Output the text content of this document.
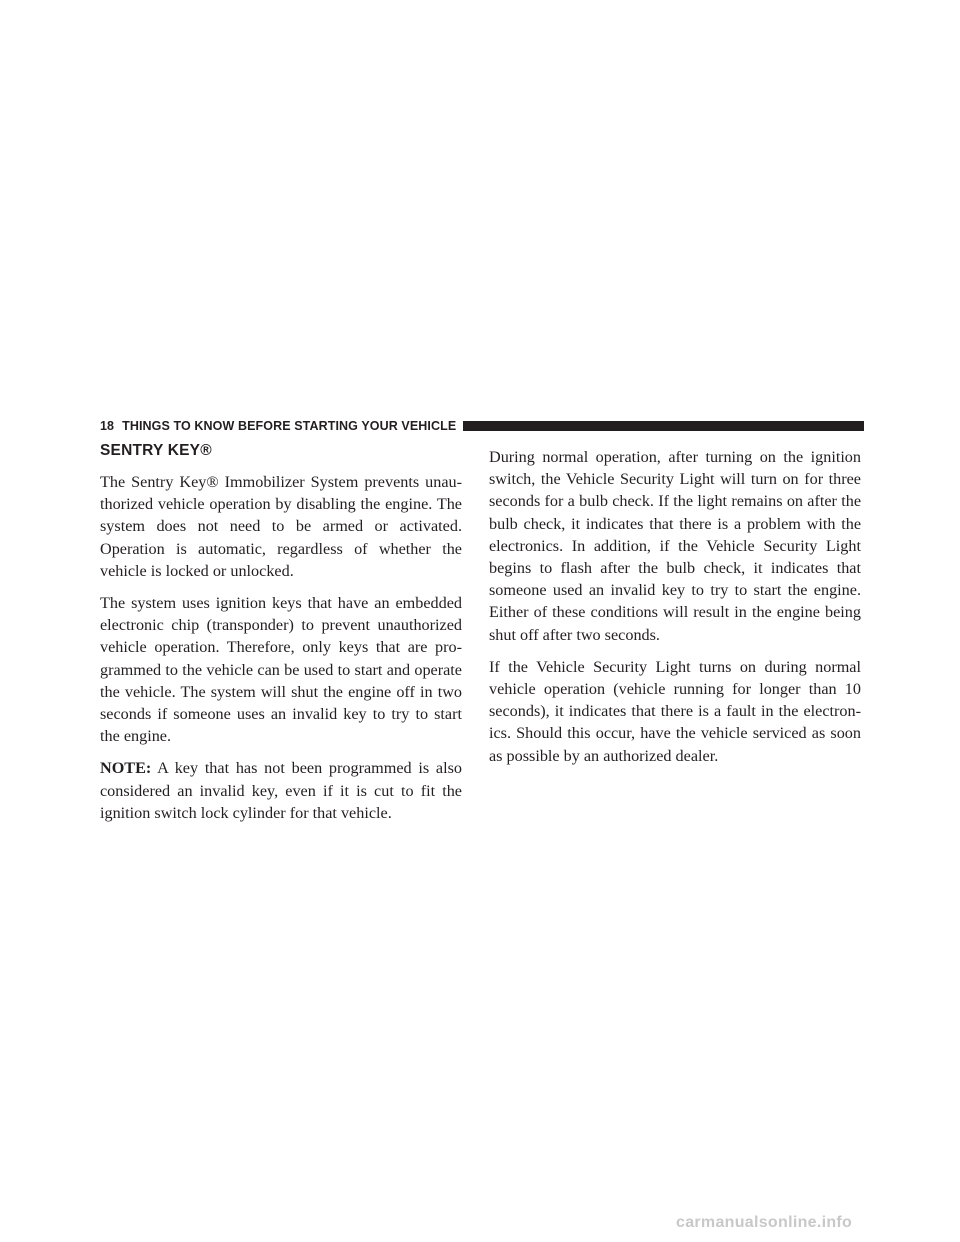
18 THINGS TO KNOW BEFORE STARTING YOUR VEHICLE
SENTRY KEY®

The Sentry Key® Immobilizer System prevents unau-thorized vehicle operation by disabling the engine. The system does not need to be armed or activated. Operation is automatic, regardless of whether the vehicle is locked or unlocked.

The system uses ignition keys that have an embedded electronic chip (transponder) to prevent unauthorized vehicle operation. Therefore, only keys that are pro-grammed to the vehicle can be used to start and operate the vehicle. The system will shut the engine off in two seconds if someone uses an invalid key to try to start the engine.

NOTE: A key that has not been programmed is also considered an invalid key, even if it is cut to fit the ignition switch lock cylinder for that vehicle.

During normal operation, after turning on the ignition switch, the Vehicle Security Light will turn on for three seconds for a bulb check. If the light remains on after the bulb check, it indicates that there is a problem with the electronics. In addition, if the Vehicle Security Light begins to flash after the bulb check, it indicates that someone used an invalid key to try to start the engine. Either of these conditions will result in the engine being shut off after two seconds.

If the Vehicle Security Light turns on during normal vehicle operation (vehicle running for longer than 10 seconds), it indicates that there is a fault in the electron-ics. Should this occur, have the vehicle serviced as soon as possible by an authorized dealer.

carmanualsonline.info
